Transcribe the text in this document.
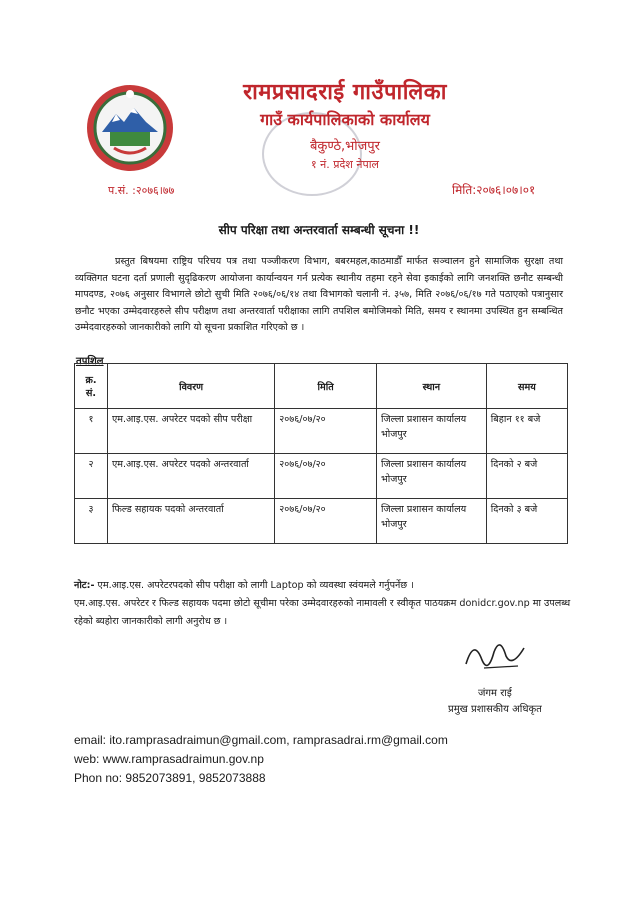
रामप्रसादराई गाउँपालिका
गाउँ कार्यपालिकाको कार्यालय
बैकुण्ठे,भोजपुर
१ नं. प्रदेश नेपाल
प.सं. :२०७६।७७	मिति:२०७६।०७।०१
सीप परिक्षा तथा अन्तरवार्ता सम्बन्धी सूचना !!

प्रस्तुत बिषयमा राष्ट्रिय परिचय पत्र तथा पञ्जीकरण विभाग, बबरमहल,काठमाडौँ मार्फत सञ्चालन हुने सामाजिक सुरक्षा तथा व्यक्तिगत घटना दर्ता प्रणाली सुदृढिकरण आयोजना कार्यान्वयन गर्न प्रत्येक स्थानीय तहमा रहने सेवा इकाईको लागि जनशक्ति छनौट सम्बन्धी मापदण्ड, २०७६ अनुसार विभागले छोटो सुची मिति २०७६/०६/१४ तथा विभागको चलानी नं. ३५७, मिति २०७६/०६/१७ गते पठाएको पत्रानुसार छनौट भएका उम्मेदवारहरुले सीप परीक्षण तथा अन्तरवार्ता परीक्षाका लागि तपशिल बमोजिमको मिति, समय र स्थानमा उपस्थित हुन सम्बन्धित उम्मेदवारहरुको जानकारीको लागि यो सूचना प्रकाशित गरिएको छ ।

तपशिल
क्र. सं.	विवरण	मिति	स्थान	समय
१	एम.आइ.एस. अपरेटर पदको सीप परीक्षा	२०७६/०७/२०	जिल्ला प्रशासन कार्यालय भोजपुर	बिहान ११ बजे
२	एम.आइ.एस. अपरेटर पदको अन्तरवार्ता	२०७६/०७/२०	जिल्ला प्रशासन कार्यालय भोजपुर	दिनको २ बजे
३	फिल्ड सहायक पदको अन्तरवार्ता	२०७६/०७/२०	जिल्ला प्रशासन कार्यालय भोजपुर	दिनको ३ बजे
नोट:- एम.आइ.एस. अपरेटरपदको सीप परीक्षा को लागी Laptop को व्यवस्था स्वंयमले गर्नुपर्नेछ ।
एम.आइ.एस. अपरेटर र फिल्ड सहायक पदमा छोटो सूचीमा परेका उम्मेदवारहरुको नामावली र स्वीकृत पाठयक्रम donidcr.gov.np मा उपलब्ध रहेको ब्यहोरा जानकारीको लागी अनुरोध छ ।
जंगम राई
प्रमुख प्रशासकीय अधिकृत
email: ito.ramprasadraimun@gmail.com, ramprasadrai.rm@gmail.com
web: www.ramprasadraimun.gov.np
Phon no: 9852073891, 9852073888
